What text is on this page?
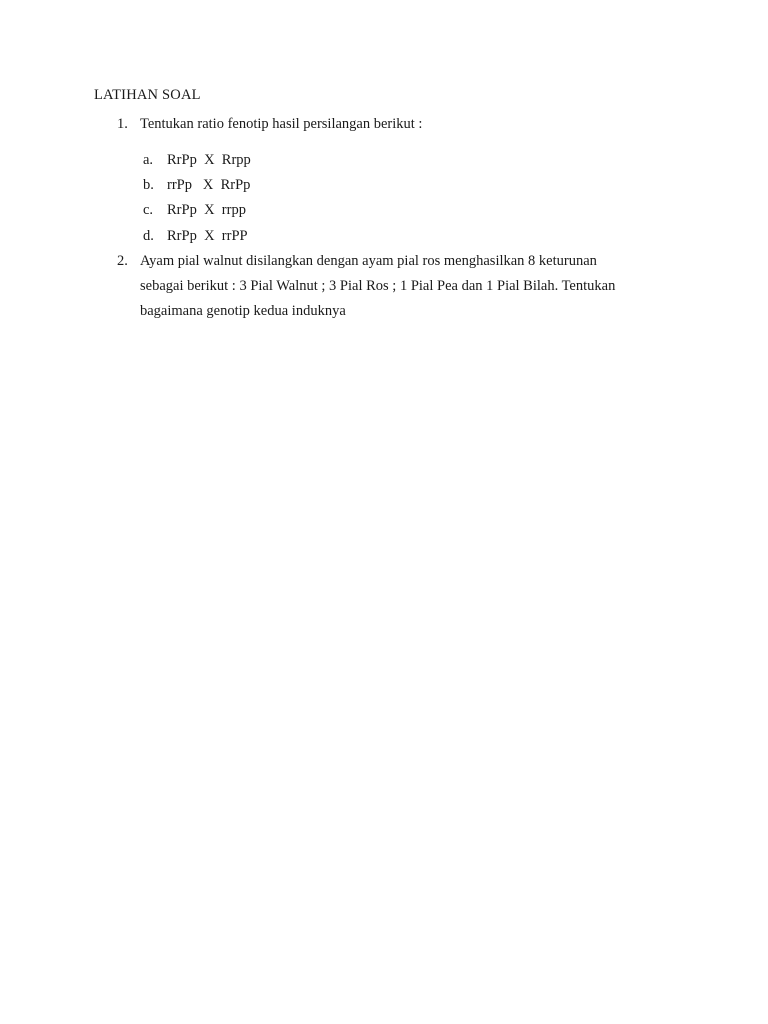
LATIHAN SOAL
1. Tentukan ratio fenotip hasil persilangan berikut :
a. RrPp  X  Rrpp
b. rrPp   X  RrPp
c. RrPp  X  rrpp
d. RrPp  X  rrPP
2. Ayam pial walnut disilangkan dengan ayam pial ros menghasilkan 8 keturunan
sebagai berikut : 3 Pial Walnut ; 3 Pial Ros ; 1 Pial Pea dan 1 Pial Bilah. Tentukan
bagaimana genotip kedua induknya
